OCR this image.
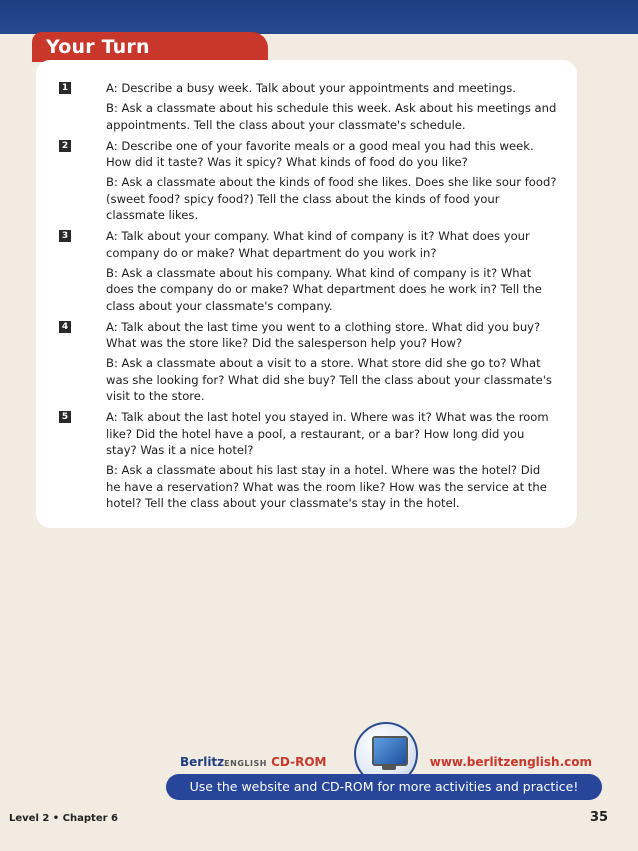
Your Turn
1	A: Describe a busy week. Talk about your appointments and meetings.
B: Ask a classmate about his schedule this week. Ask about his meetings and appointments. Tell the class about your classmate's schedule.
2	A: Describe one of your favorite meals or a good meal you had this week. How did it taste? Was it spicy? What kinds of food do you like?
B: Ask a classmate about the kinds of food she likes. Does she like sour food? (sweet food? spicy food?) Tell the class about the kinds of food your classmate likes.
3	A: Talk about your company. What kind of company is it? What does your company do or make? What department do you work in?
B: Ask a classmate about his company. What kind of company is it? What does the company do or make? What department does he work in? Tell the class about your classmate's company.
4	A: Talk about the last time you went to a clothing store. What did you buy? What was the store like? Did the salesperson help you? How?
B: Ask a classmate about a visit to a store. What store did she go to? What was she looking for? What did she buy? Tell the class about your classmate's visit to the store.
5	A: Talk about the last hotel you stayed in. Where was it? What was the room like? Did the hotel have a pool, a restaurant, or a bar? How long did you stay? Was it a nice hotel?
B: Ask a classmate about his last stay in a hotel. Where was the hotel? Did he have a reservation? What was the room like? How was the service at the hotel? Tell the class about your classmate's stay in the hotel.
BerlitzENGLISH CD-ROM	www.berlitzenglish.com
Use the website and CD-ROM for more activities and practice!
Level 2 • Chapter 6	35
